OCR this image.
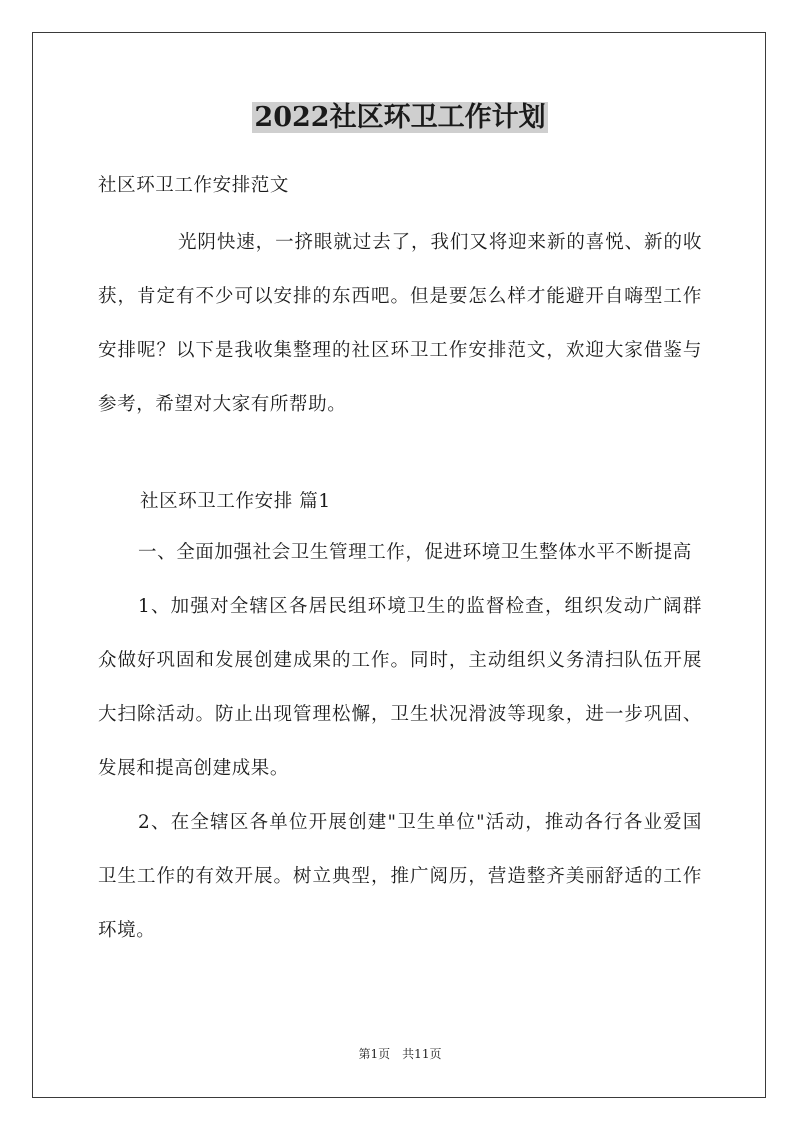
2022社区环卫工作计划

社区环卫工作安排范文

光阴快速，一挤眼就过去了，我们又将迎来新的喜悦、新的收获，肯定有不少可以安排的东西吧。但是要怎么样才能避开自嗨型工作安排呢？以下是我收集整理的社区环卫工作安排范文，欢迎大家借鉴与参考，希望对大家有所帮助。

社区环卫工作安排 篇1

一、全面加强社会卫生管理工作，促进环境卫生整体水平不断提高

1、加强对全辖区各居民组环境卫生的监督检查，组织发动广阔群众做好巩固和发展创建成果的工作。同时，主动组织义务清扫队伍开展大扫除活动。防止出现管理松懈，卫生状况滑波等现象，进一步巩固、发展和提高创建成果。

2、在全辖区各单位开展创建"卫生单位"活动，推动各行各业爱国卫生工作的有效开展。树立典型，推广阅历，营造整齐美丽舒适的工作环境。

第1页　共11页
